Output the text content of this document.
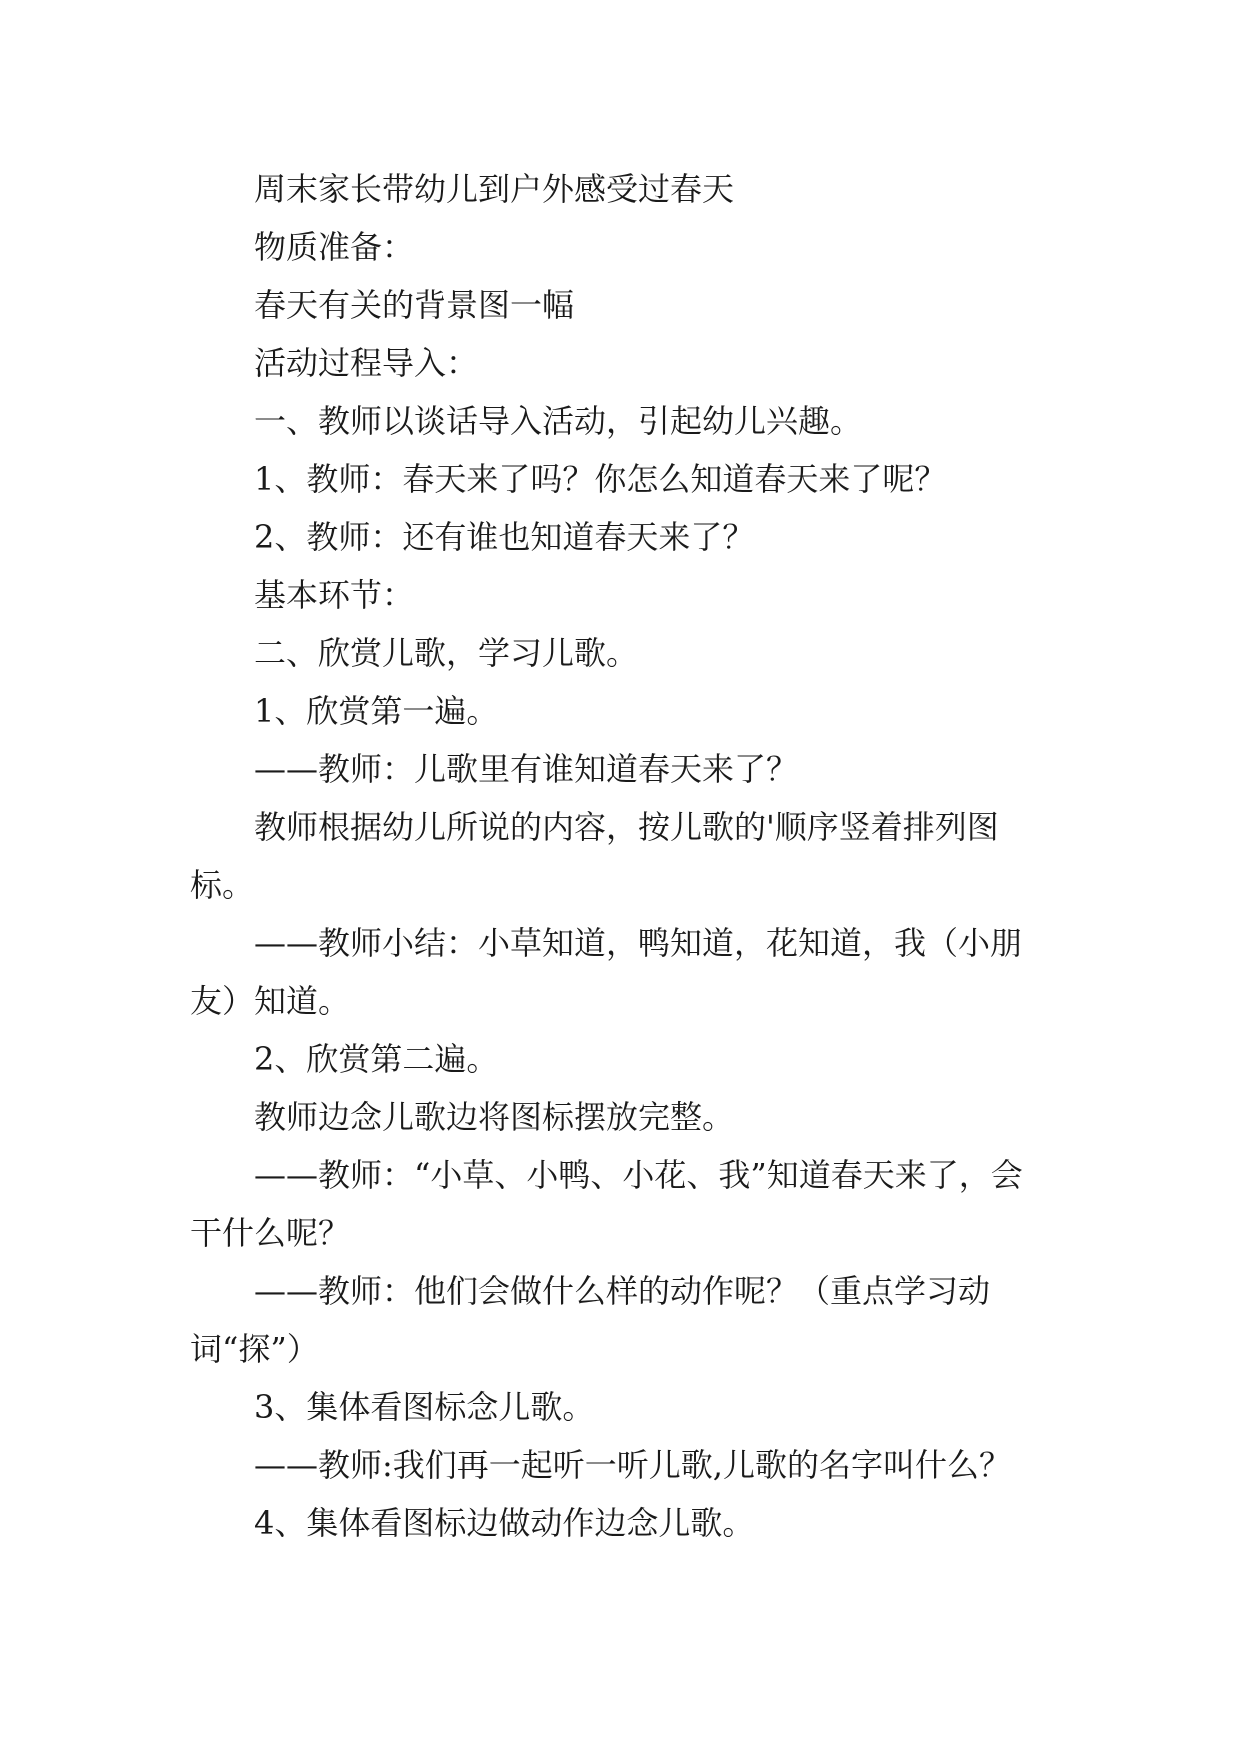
周末家长带幼儿到户外感受过春天

物质准备：

春天有关的背景图一幅

活动过程导入：

一、教师以谈话导入活动，引起幼儿兴趣。

1、教师：春天来了吗？你怎么知道春天来了呢？

2、教师：还有谁也知道春天来了？

基本环节：

二、欣赏儿歌，学习儿歌。

1、欣赏第一遍。

——教师：儿歌里有谁知道春天来了？

教师根据幼儿所说的内容，按儿歌的'顺序竖着排列图标。

——教师小结：小草知道，鸭知道，花知道，我（小朋友）知道。

2、欣赏第二遍。

教师边念儿歌边将图标摆放完整。

——教师：“小草、小鸭、小花、我”知道春天来了，会干什么呢？

——教师：他们会做什么样的动作呢？（重点学习动词“探”）

3、集体看图标念儿歌。

——教师:我们再一起听一听儿歌,儿歌的名字叫什么？

4、集体看图标边做动作边念儿歌。
